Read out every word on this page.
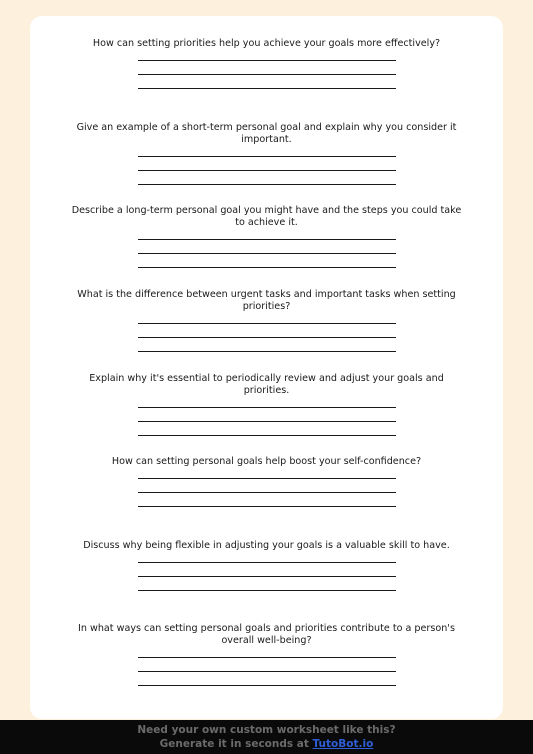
How can setting priorities help you achieve your goals more effectively?
Give an example of a short-term personal goal and explain why you consider it important.
Describe a long-term personal goal you might have and the steps you could take to achieve it.
What is the difference between urgent tasks and important tasks when setting priorities?
Explain why it's essential to periodically review and adjust your goals and priorities.
How can setting personal goals help boost your self-confidence?
Discuss why being flexible in adjusting your goals is a valuable skill to have.
In what ways can setting personal goals and priorities contribute to a person's overall well-being?
Need your own custom worksheet like this?
Generate it in seconds at TutoBot.io
